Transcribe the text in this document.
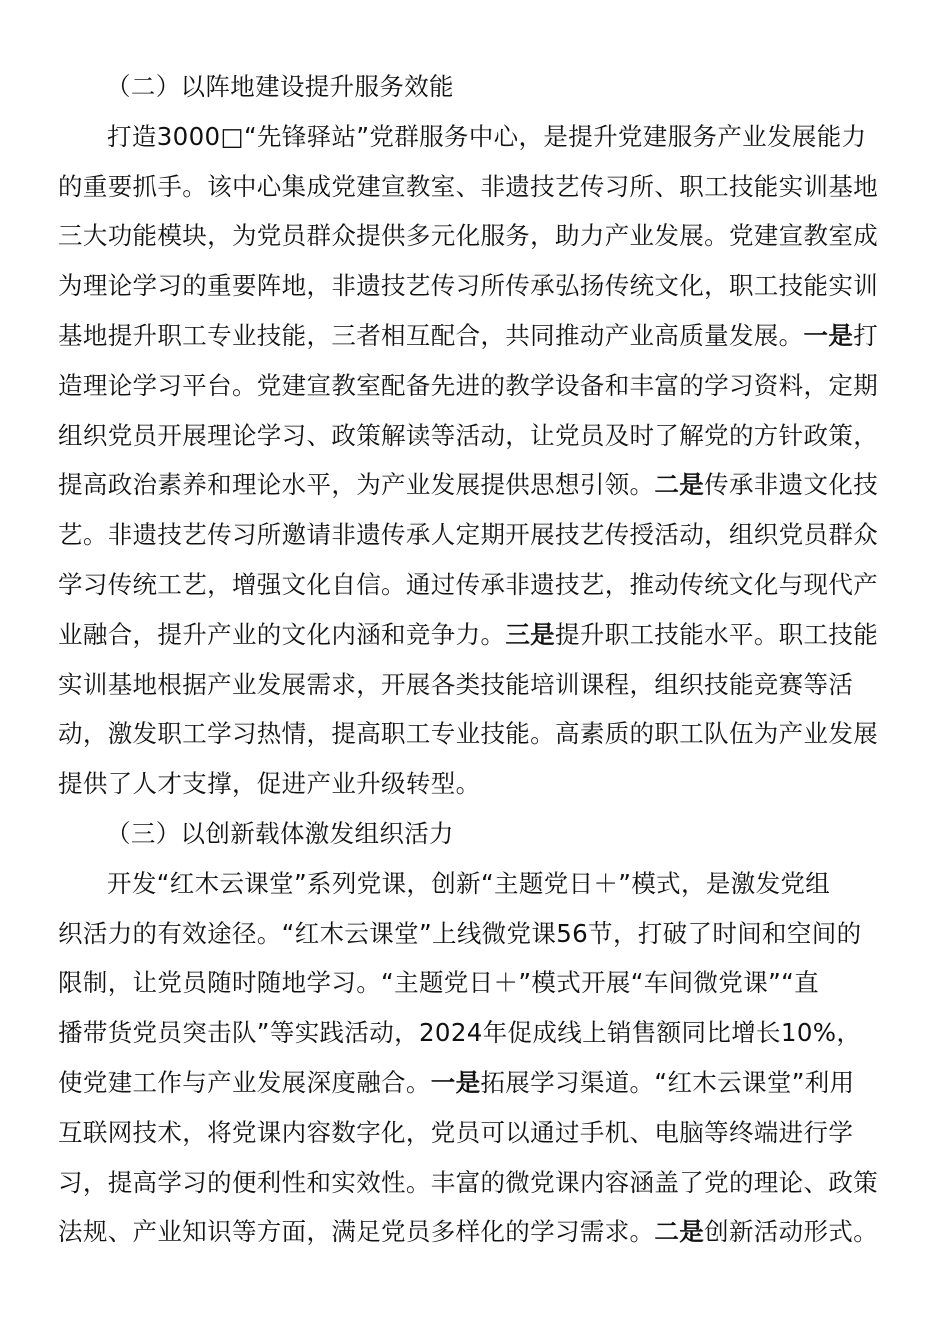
（二）以阵地建设提升服务效能
打造3000□“先锋驿站”党群服务中心，是提升党建服务产业发展能力
的重要抓手。该中心集成党建宣教室、非遗技艺传习所、职工技能实训基地
三大功能模块，为党员群众提供多元化服务，助力产业发展。党建宣教室成
为理论学习的重要阵地，非遗技艺传习所传承弘扬传统文化，职工技能实训
基地提升职工专业技能，三者相互配合，共同推动产业高质量发展。一是打
造理论学习平台。党建宣教室配备先进的教学设备和丰富的学习资料，定期
组织党员开展理论学习、政策解读等活动，让党员及时了解党的方针政策，
提高政治素养和理论水平，为产业发展提供思想引领。二是传承非遗文化技
艺。非遗技艺传习所邀请非遗传承人定期开展技艺传授活动，组织党员群众
学习传统工艺，增强文化自信。通过传承非遗技艺，推动传统文化与现代产
业融合，提升产业的文化内涵和竞争力。三是提升职工技能水平。职工技能
实训基地根据产业发展需求，开展各类技能培训课程，组织技能竞赛等活
动，激发职工学习热情，提高职工专业技能。高素质的职工队伍为产业发展
提供了人才支撑，促进产业升级转型。
（三）以创新载体激发组织活力
开发“红木云课堂”系列党课，创新“主题党日＋”模式，是激发党组
织活力的有效途径。“红木云课堂”上线微党课56节，打破了时间和空间的
限制，让党员随时随地学习。“主题党日＋”模式开展“车间微党课”“直
播带货党员突击队”等实践活动，2024年促成线上销售额同比增长10%，
使党建工作与产业发展深度融合。一是拓展学习渠道。“红木云课堂”利用
互联网技术，将党课内容数字化，党员可以通过手机、电脑等终端进行学
习，提高学习的便利性和实效性。丰富的微党课内容涵盖了党的理论、政策
法规、产业知识等方面，满足党员多样化的学习需求。二是创新活动形式。
